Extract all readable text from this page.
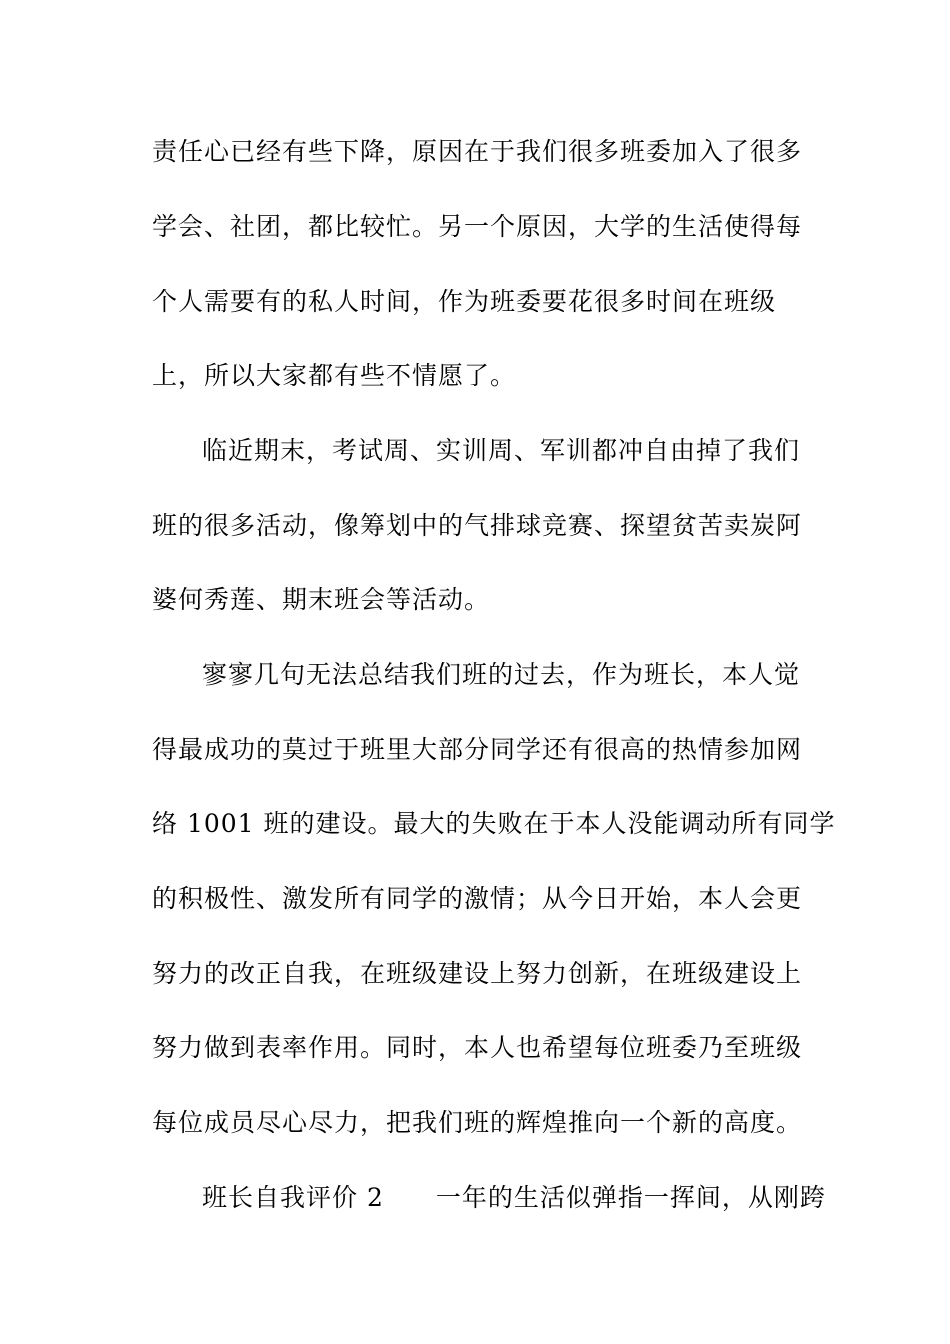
责任心已经有些下降，原因在于我们很多班委加入了很多
学会、社团，都比较忙。另一个原因，大学的生活使得每
个人需要有的私人时间，作为班委要花很多时间在班级
上，所以大家都有些不情愿了。
临近期末，考试周、实训周、军训都冲自由掉了我们
班的很多活动，像筹划中的气排球竞赛、探望贫苦卖炭阿
婆何秀莲、期末班会等活动。
寥寥几句无法总结我们班的过去，作为班长，本人觉
得最成功的莫过于班里大部分同学还有很高的热情参加网
络 1001 班的建设。最大的失败在于本人没能调动所有同学
的积极性、激发所有同学的激情；从今日开始，本人会更
努力的改正自我，在班级建设上努力创新，在班级建设上
努力做到表率作用。同时，本人也希望每位班委乃至班级
每位成员尽心尽力，把我们班的辉煌推向一个新的高度。
班长自我评价 2　　一年的生活似弹指一挥间，从刚跨
